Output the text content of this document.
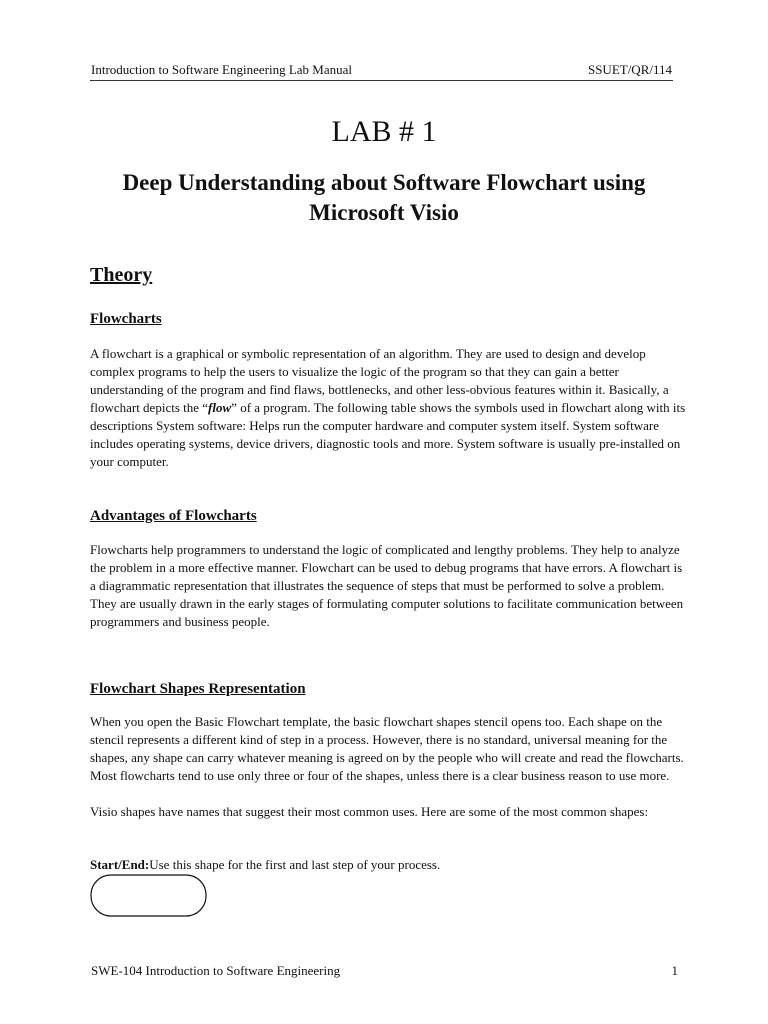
Introduction to Software Engineering Lab Manual	SSUET/QR/114
LAB # 1
Deep Understanding about Software Flowchart using Microsoft Visio
Theory
Flowcharts

A flowchart is a graphical or symbolic representation of an algorithm. They are used to design and develop complex programs to help the users to visualize the logic of the program so that they can gain a better understanding of the program and find flaws, bottlenecks, and other less-obvious features within it. Basically, a flowchart depicts the “flow” of a program. The following table shows the symbols used in flowchart along with its descriptions System software: Helps run the computer hardware and computer system itself. System software includes operating systems, device drivers, diagnostic tools and more. System software is usually pre-installed on your computer.

Advantages of Flowcharts

Flowcharts help programmers to understand the logic of complicated and lengthy problems. They help to analyze the problem in a more effective manner. Flowchart can be used to debug programs that have errors. A flowchart is a diagrammatic representation that illustrates the sequence of steps that must be performed to solve a problem. They are usually drawn in the early stages of formulating computer solutions to facilitate communication between programmers and business people.

Flowchart Shapes Representation

When you open the Basic Flowchart template, the basic flowchart shapes stencil opens too. Each shape on the stencil represents a different kind of step in a process. However, there is no standard, universal meaning for the shapes, any shape can carry whatever meaning is agreed on by the people who will create and read the flowcharts. Most flowcharts tend to use only three or four of the shapes, unless there is a clear business reason to use more.

Visio shapes have names that suggest their most common uses. Here are some of the most common shapes:

Start/End:Use this shape for the first and last step of your process.
SWE-104 Introduction to Software Engineering	1
